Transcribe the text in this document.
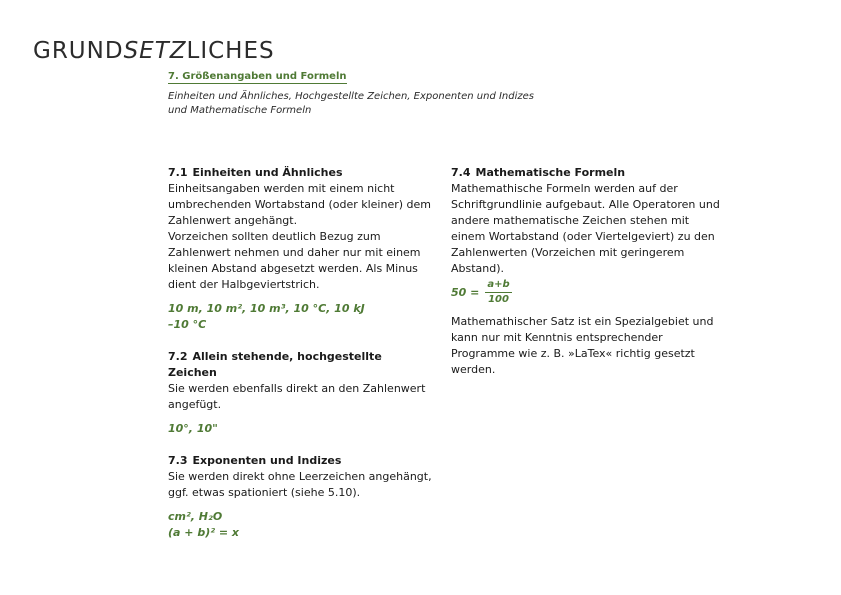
GRUNDSETZLICHES
7. Größenangaben und Formeln
Einheiten und Ähnliches, Hochgestellte Zeichen, Exponenten und Indizes
und Mathematische Formeln
7.1 Einheiten und Ähnliches

Einheitsangaben werden mit einem nicht umbrechenden Wortabstand (oder kleiner) dem Zahlenwert angehängt.

Vorzeichen sollten deutlich Bezug zum Zahlenwert nehmen und daher nur mit einem kleinen Abstand abgesetzt werden. Als Minus dient der Halbgeviertstrich.

10 m, 10 m², 10 m³, 10 °C, 10 kJ

–10 °C

7.2 Allein stehende, hochgestellte Zeichen

Sie werden ebenfalls direkt an den Zahlenwert angefügt.

10°, 10"

7.3 Exponenten und Indizes

Sie werden direkt ohne Leerzeichen angehängt, ggf. etwas spationiert (siehe 5.10).

cm², H₂O

(a + b)² = x

7.4 Mathematische Formeln

Mathemathische Formeln werden auf der Schriftgrundlinie aufgebaut. Alle Operatoren und andere mathematische Zeichen stehen mit einem Wortabstand (oder Viertelgeviert) zu den Zahlenwerten (Vorzeichen mit geringerem Abstand).

$50 = \frac{a+b}{100}$

Mathemathischer Satz ist ein Spezialgebiet und kann nur mit Kenntnis entsprechender Programme wie z. B. »LaTex« richtig gesetzt werden.
